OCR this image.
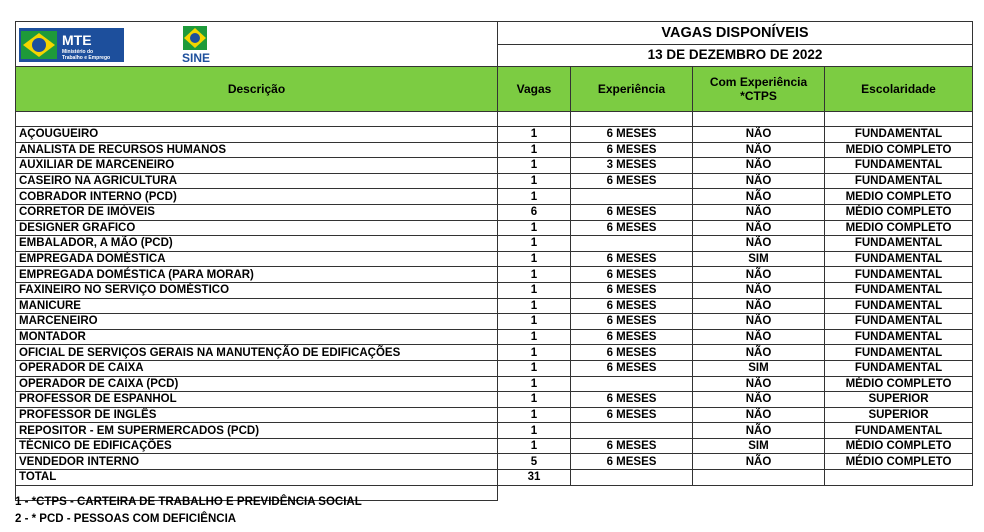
MTE
Ministério do
Trabalho e Emprego SINE	VAGAS DISPONÍVEIS			
	13 DE DEZEMBRO DE 2022			
Descrição	Vagas	Experiência	Com Experiência *CTPS	Escolaridade

AÇOUGUEIRO	1	6 MESES	NÃO	FUNDAMENTAL
ANALISTA DE RECURSOS HUMANOS	1	6 MESES	NÃO	MEDIO COMPLETO
AUXILIAR DE MARCENEIRO	1	3 MESES	NÃO	FUNDAMENTAL
CASEIRO NA AGRICULTURA	1	6 MESES	NÃO	FUNDAMENTAL
COBRADOR INTERNO (PCD)	1		NÃO	MEDIO COMPLETO
CORRETOR DE IMÓVEIS	6	6 MESES	NÃO	MÉDIO COMPLETO
DESIGNER GRAFICO	1	6 MESES	NÃO	MEDIO COMPLETO
EMBALADOR, A MÃO (PCD)	1		NÃO	FUNDAMENTAL
EMPREGADA DOMÉSTICA	1	6 MESES	SIM	FUNDAMENTAL
EMPREGADA DOMÉSTICA (PARA MORAR)	1	6 MESES	NÃO	FUNDAMENTAL
FAXINEIRO NO SERVIÇO DOMÉSTICO	1	6 MESES	NÃO	FUNDAMENTAL
MANICURE	1	6 MESES	NÃO	FUNDAMENTAL
MARCENEIRO	1	6 MESES	NÃO	FUNDAMENTAL
MONTADOR	1	6 MESES	NÃO	FUNDAMENTAL
OFICIAL DE SERVIÇOS GERAIS NA MANUTENÇÃO DE EDIFICAÇÕES	1	6 MESES	NÃO	FUNDAMENTAL
OPERADOR DE CAIXA	1	6 MESES	SIM	FUNDAMENTAL
OPERADOR DE CAIXA (PCD)	1		NÃO	MÉDIO COMPLETO
PROFESSOR DE ESPANHOL	1	6 MESES	NÃO	SUPERIOR
PROFESSOR DE INGLÊS	1	6 MESES	NÃO	SUPERIOR
REPOSITOR - EM SUPERMERCADOS (PCD)	1		NÃO	FUNDAMENTAL
TÉCNICO DE EDIFICAÇÕES	1	6 MESES	SIM	MÉDIO COMPLETO
VENDEDOR INTERNO	5	6 MESES	NÃO	MÉDIO COMPLETO
TOTAL	31			

1 - *CTPS - CARTEIRA DE TRABALHO E PREVIDÊNCIA SOCIAL
2 - * PCD - PESSOAS COM DEFICIÊNCIA
